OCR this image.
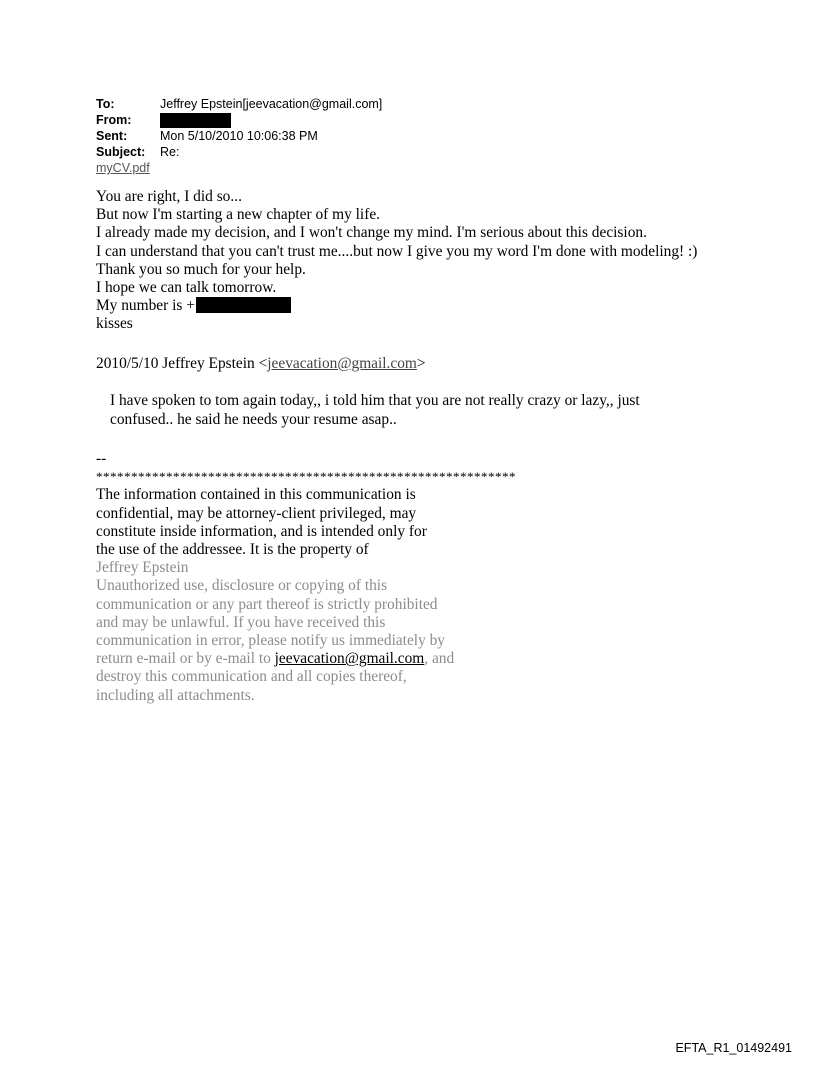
To:	Jeffrey Epstein[jeevacation@gmail.com]
From:
Sent:	Mon 5/10/2010 10:06:38 PM
Subject:	Re:
myCV.pdf

You are right, I did so...

But now I'm starting a new chapter of my life.

I already made my decision, and I won't change my mind. I'm serious about this decision.

I can understand that you can't trust me....but now I give you my word I'm done with modeling! :)

Thank you so much for your help.

I hope we can talk tomorrow.

My number is +

kisses

2010/5/10 Jeffrey Epstein <jeevacation@gmail.com>

I have spoken to tom again today,, i told him that you are not really crazy or lazy,, just

confused.. he said he needs your resume asap..

--

************************************************************

The information contained in this communication is

confidential, may be attorney-client privileged, may

constitute inside information, and is intended only for

the use of the addressee. It is the property of

Jeffrey Epstein

Unauthorized use, disclosure or copying of this

communication or any part thereof is strictly prohibited

and may be unlawful. If you have received this

communication in error, please notify us immediately by

return e-mail or by e-mail to jeevacation@gmail.com, and

destroy this communication and all copies thereof,

including all attachments.

EFTA_R1_01492491
